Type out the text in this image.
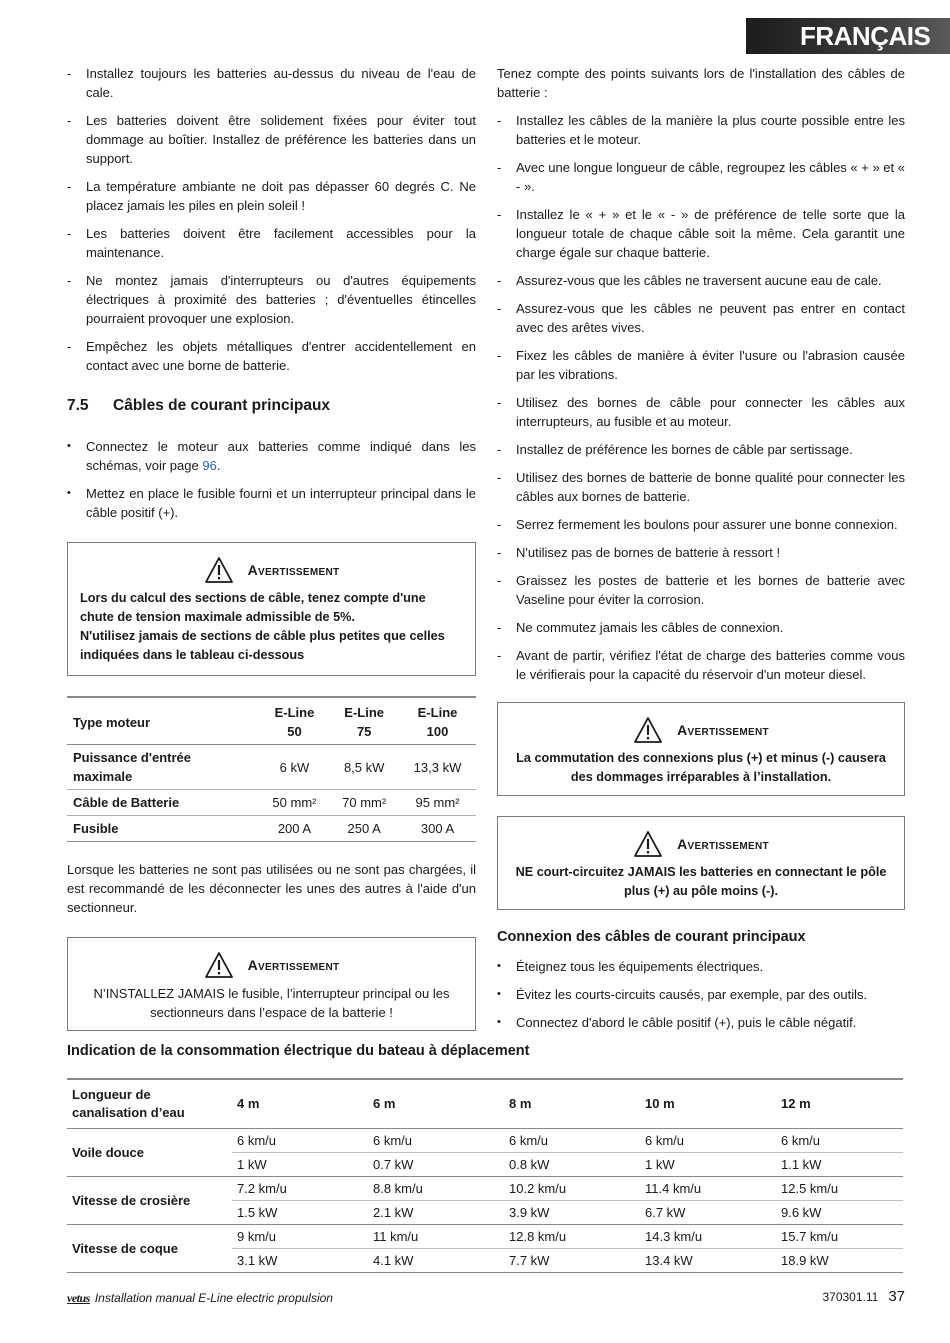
FRANÇAIS
- Installez toujours les batteries au-dessus du niveau de l'eau de cale.
- Les batteries doivent être solidement fixées pour éviter tout dommage au boîtier. Installez de préférence les batteries dans un support.
- La température ambiante ne doit pas dépasser 60 degrés C. Ne placez jamais les piles en plein soleil !
- Les batteries doivent être facilement accessibles pour la maintenance.
- Ne montez jamais d'interrupteurs ou d'autres équipements électriques à proximité des batteries ; d'éventuelles étincelles pourraient provoquer une explosion.
- Empêchez les objets métalliques d'entrer accidentellement en contact avec une borne de batterie.
7.5	Câbles de courant principaux
• Connectez le moteur aux batteries comme indiqué dans les schémas, voir page 96.
• Mettez en place le fusible fourni et un interrupteur principal dans le câble positif (+).
Avertissement
Lors du calcul des sections de câble, tenez compte d'une chute de tension maximale admissible de 5%.
N'utilisez jamais de sections de câble plus petites que celles indiquées dans le tableau ci-dessous
Type moteur	E-Line 50	E-Line 75	E-Line 100
Puissance d'entrée maximale	6 kW	8,5 kW	13,3 kW
Câble de Batterie	50 mm²	70 mm²	95 mm²
Fusible	200 A	250 A	300 A

Lorsque les batteries ne sont pas utilisées ou ne sont pas chargées, il est recommandé de les déconnecter les unes des autres à l'aide d'un sectionneur.

Avertissement
N’INSTALLEZ JAMAIS le fusible, l’interrupteur principal ou les sectionneurs dans l’espace de la batterie !

Tenez compte des points suivants lors de l'installation des câbles de batterie :

- Installez les câbles de la manière la plus courte possible entre les batteries et le moteur.
- Avec une longue longueur de câble, regroupez les câbles « + » et « - ».
- Installez le « + » et le « - » de préférence de telle sorte que la longueur totale de chaque câble soit la même. Cela garantit une charge égale sur chaque batterie.
- Assurez-vous que les câbles ne traversent aucune eau de cale.
- Assurez-vous que les câbles ne peuvent pas entrer en contact avec des arêtes vives.
- Fixez les câbles de manière à éviter l'usure ou l'abrasion causée par les vibrations.
- Utilisez des bornes de câble pour connecter les câbles aux interrupteurs, au fusible et au moteur.
- Installez de préférence les bornes de câble par sertissage.
- Utilisez des bornes de batterie de bonne qualité pour connecter les câbles aux bornes de batterie.
- Serrez fermement les boulons pour assurer une bonne connexion.
- N'utilisez pas de bornes de batterie à ressort !
- Graissez les postes de batterie et les bornes de batterie avec Vaseline pour éviter la corrosion.
- Ne commutez jamais les câbles de connexion.
- Avant de partir, vérifiez l'état de charge des batteries comme vous le vérifierais pour la capacité du réservoir d'un moteur diesel.
Avertissement
La commutation des connexions plus (+) et minus (-) causera des dommages irréparables à l’installation.
Avertissement
NE court-circuitez JAMAIS les batteries en connectant le pôle plus (+) au pôle moins (-).
Connexion des câbles de courant principaux
• Éteignez tous les équipements électriques.
• Évitez les courts-circuits causés, par exemple, par des outils.
• Connectez d'abord le câble positif (+), puis le câble négatif.
Indication de la consommation électrique du bateau à déplacement
Longueur de canalisation d’eau	4 m	6 m	8 m	10 m	12 m
Voile douce	6 km/u	6 km/u	6 km/u	6 km/u	6 km/u
	1 kW	0.7 kW	0.8 kW	1 kW	1.1 kW
Vitesse de crosière	7.2 km/u	8.8 km/u	10.2 km/u	11.4 km/u	12.5 km/u
	1.5 kW	2.1 kW	3.9 kW	6.7 kW	9.6 kW
Vitesse de coque	9 km/u	11 km/u	12.8 km/u	14.3 km/u	15.7 km/u
	3.1 kW	4.1 kW	7.7 kW	13.4 kW	18.9 kW
vetus Installation manual E-Line electric propulsion	370301.11 37
